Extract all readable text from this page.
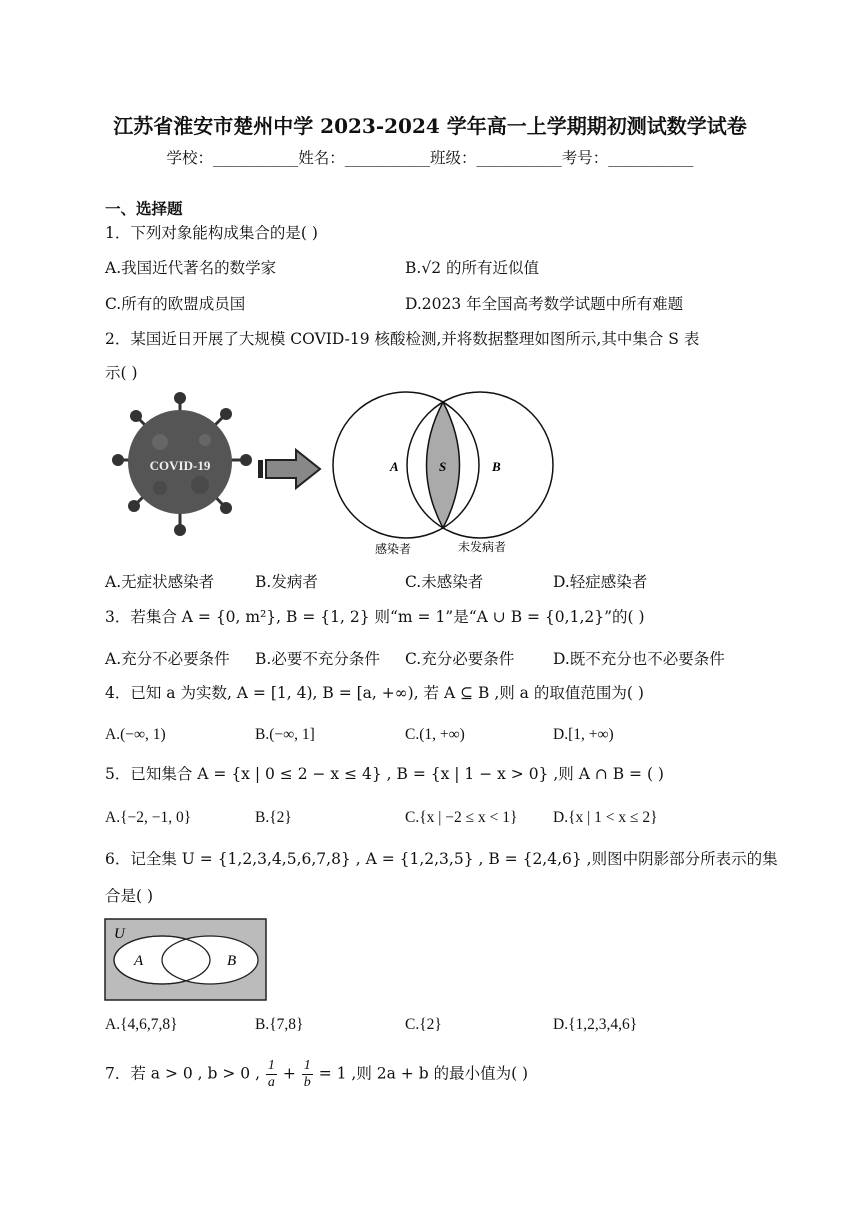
江苏省淮安市楚州中学 2023-2024 学年高一上学期期初测试数学试卷
学校：___________姓名：___________班级：___________考号：___________
一、选择题
1．下列对象能构成集合的是( )
A.我国近代著名的数学家	B.√2 的所有近似值
C.所有的欧盟成员国	D.2023 年全国高考数学试题中所有难题
2．某国近日开展了大规模 COVID-19 核酸检测,并将数据整理如图所示,其中集合 S 表
示( )
COVID-19	A	S	B
感染者	未发病者
A.无症状感染者	B.发病者	C.未感染者	D.轻症感染者
3．若集合 A = {0, m²}, B = {1, 2} 则“m = 1”是“A ∪ B = {0,1,2}”的( )
A.充分不必要条件 B.必要不充分条件 C.充分必要条件	D.既不充分也不必要条件
4．已知 a 为实数, A = [1, 4), B = [a, +∞), 若 A ⊆ B ,则 a 的取值范围为( )
A.(−∞, 1)	B.(−∞, 1]	C.(1, +∞)	D.[1, +∞)
5．已知集合 A = {x | 0 ≤ 2 − x ≤ 4} , B = {x | 1 − x > 0} ,则 A ∩ B = ( )
A.{−2, −1, 0}	B.{2}	C.{x | −2 ≤ x < 1} D.{x | 1 < x ≤ 2}
6．记全集 U = {1,2,3,4,5,6,7,8} , A = {1,2,3,5} , B = {2,4,6} ,则图中阴影部分所表示的集
合是( )
U
A	B
A.{4,6,7,8}	B.{7,8}	C.{2}	D.{1,2,3,4,6}
7．若 a > 0 , b > 0 , $\frac{1}{a} + \frac{1}{b} = 1$ ,则 2a + b 的最小值为( )
